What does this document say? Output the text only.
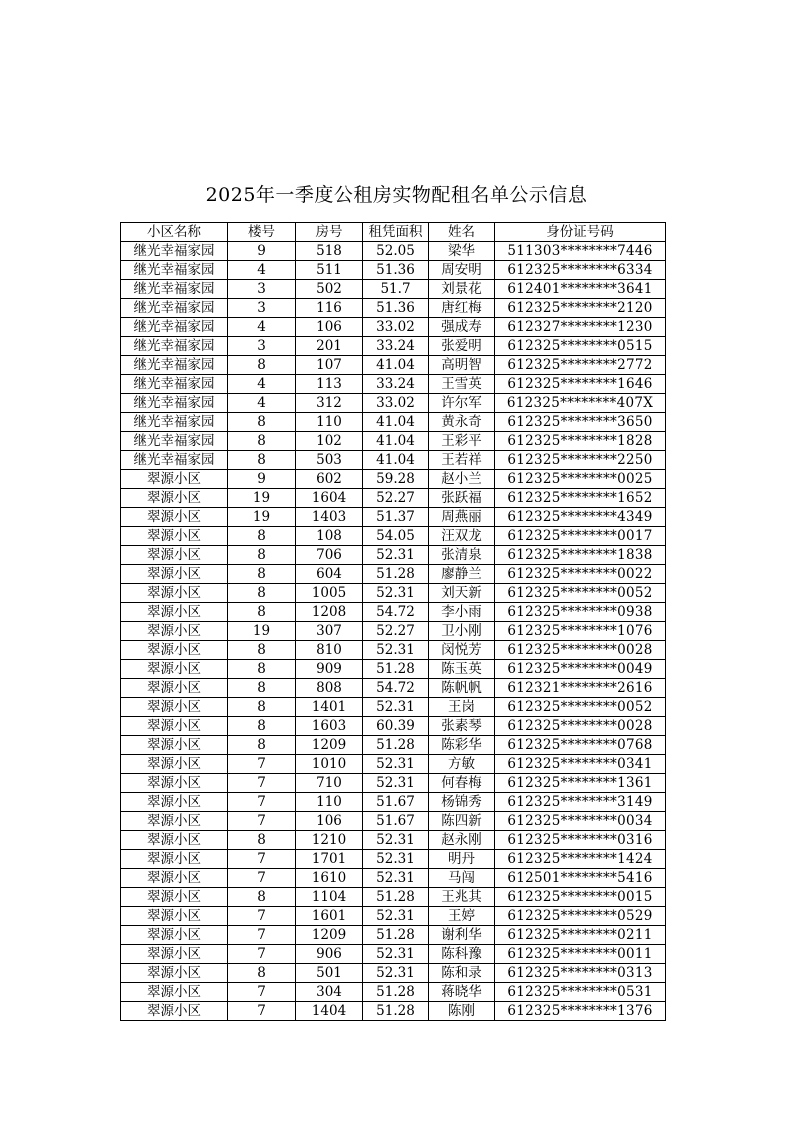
2025年一季度公租房实物配租名单公示信息
小区名称	楼号	房号	租凭面积	姓名	身份证号码
继光幸福家园	9	518	52.05	梁华	511303********7446
继光幸福家园	4	511	51.36	周安明	612325********6334
继光幸福家园	3	502	51.7	刘景花	612401********3641
继光幸福家园	3	116	51.36	唐红梅	612325********2120
继光幸福家园	4	106	33.02	强成寿	612327********1230
继光幸福家园	3	201	33.24	张爱明	612325********0515
继光幸福家园	8	107	41.04	高明智	612325********2772
继光幸福家园	4	113	33.24	王雪英	612325********1646
继光幸福家园	4	312	33.02	许尔军	612325********407X
继光幸福家园	8	110	41.04	黄永奇	612325********3650
继光幸福家园	8	102	41.04	王彩平	612325********1828
继光幸福家园	8	503	41.04	王若祥	612325********2250
翠源小区	9	602	59.28	赵小兰	612325********0025
翠源小区	19	1604	52.27	张跃福	612325********1652
翠源小区	19	1403	51.37	周燕丽	612325********4349
翠源小区	8	108	54.05	汪双龙	612325********0017
翠源小区	8	706	52.31	张清泉	612325********1838
翠源小区	8	604	51.28	廖静兰	612325********0022
翠源小区	8	1005	52.31	刘天新	612325********0052
翠源小区	8	1208	54.72	李小雨	612325********0938
翠源小区	19	307	52.27	卫小刚	612325********1076
翠源小区	8	810	52.31	闵悦芳	612325********0028
翠源小区	8	909	51.28	陈玉英	612325********0049
翠源小区	8	808	54.72	陈帆帆	612321********2616
翠源小区	8	1401	52.31	王岗	612325********0052
翠源小区	8	1603	60.39	张素琴	612325********0028
翠源小区	8	1209	51.28	陈彩华	612325********0768
翠源小区	7	1010	52.31	方敏	612325********0341
翠源小区	7	710	52.31	何春梅	612325********1361
翠源小区	7	110	51.67	杨锦秀	612325********3149
翠源小区	7	106	51.67	陈四新	612325********0034
翠源小区	8	1210	52.31	赵永刚	612325********0316
翠源小区	7	1701	52.31	明丹	612325********1424
翠源小区	7	1610	52.31	马闯	612501********5416
翠源小区	8	1104	51.28	王兆其	612325********0015
翠源小区	7	1601	52.31	王婷	612325********0529
翠源小区	7	1209	51.28	谢利华	612325********0211
翠源小区	7	906	52.31	陈科豫	612325********0011
翠源小区	8	501	52.31	陈和录	612325********0313
翠源小区	7	304	51.28	蒋晓华	612325********0531
翠源小区	7	1404	51.28	陈刚	612325********1376
